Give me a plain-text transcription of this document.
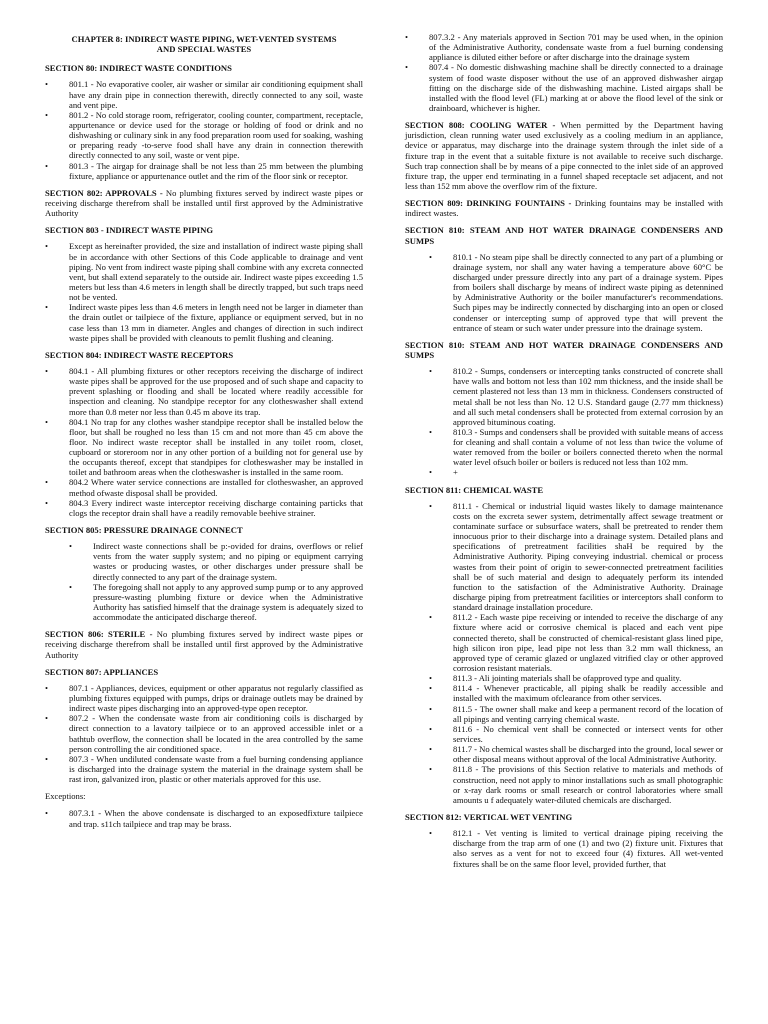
CHAPTER 8: INDIRECT WASTE PIPING, WET-VENTED SYSTEMS
AND SPECIAL WASTES
SECTION 80: INDIRECT WASTE CONDITIONS
• 801.1 - No evaporative cooler, air washer or similar air conditioning equipment shall have any drain pipe in connection therewith, directly connected to any soil, waste and vent pipe.
• 801.2 - No cold storage room, refrigerator, cooling counter, compartment, receptacle, appurtenance or device used for the storage or holding of food or drink and no dishwashing or culinary sink in any food preparation room used for soaking, washing or preparing ready -to-serve food shall have any drain in connection therewith directly connected to any soil, waste or vent pipe.
• 801.3 - The airgap for drainage shall be not less than 25 mm between the plumbing fixture, appliance or appurtenance outlet and the rim of the floor sink or receptor.

SECTION 802: APPROVALS - No plumbing fixtures served by indirect waste pipes or receiving discharge therefrom shall be installed until first approved by the Administrative Authority

SECTION 803 - INDIRECT WASTE PIPING
• Except as hereinafter provided, the size and installation of indirect waste piping shall be in accordance with other Sections of this Code applicable to drainage and vent piping. No vent from indirect waste piping shall combine with any excreta connected vent, but shall extend separately to the outside air. Indirect waste pipes exceeding 1.5 meters but less than 4.6 meters in length shall be directly trapped, but such traps need not be vented.
• Indirect waste pipes less than 4.6 meters in length need not be larger in diameter than the drain outlet or tailpiece of the fixture, appliance or equipment served, but in no case less than 13 mm in diameter. Angles and changes of direction in such indirect waste pipes shall be provided with cleanouts to pemlit flushing and cleaning.
SECTION 804: INDIRECT WASTE RECEPTORS
• 804.1 - All plumbing fixtures or other receptors receiving the discharge of indirect waste pipes shall be approved for the use proposed and of such shape and capacity to prevent splashing or flooding and shall be located where readily accessible for inspection and cleaning. No standpipe receptor for any clotheswasher shall extend more than 0.8 meter nor less than 0.45 m above its trap.
• 804.1 No trap for any clothes washer standpipe receptor shall be installed below the floor, but shall be roughed no less than 15 cm and not more than 45 cm above the floor. No indirect waste receptor shall be installed in any toilet room, closet, cupboard or storeroom nor in any other portion of a building not for general use by the occupants thereof, except that standpipes for clotheswasher may be installed in toilet and bathroom areas when the clotheswasher is installed in the same room.
• 804.2 Where water service connections are installed for clotheswasher, an approved method ofwaste disposal shall be provided.
• 804.3 Every indirect waste interceptor receiving discharge containing particks that clogs the receptor drain shall have a readily removable beehive strainer.
SECTION 805: PRESSURE DRAINAGE CONNECT
• Indirect waste connections shall be p:-ovided for drains, overflows or relief vents from the water supply system; and no piping or equipment carrying wastes or producing wastes, or other discharges under pressure shall be directly connected to any part of the drainage system.
• The foregoing shall not apply to any approved sump pump or to any approved pressure-wasting plumbing fixture or device when the Administrative Authority has satisfied himself that the drainage system is adequately sized to accommodate the anticipated discharge thereof.

SECTION 806: STERILE - No plumbing fixtures served by indirect waste pipes or receiving discharge therefrom shall be installed until first approved by the Administrative Authority

SECTION 807: APPLIANCES
• 807.1 - Appliances, devices, equipment or other apparatus not regularly classified as plumbing fixtures equipped with pumps, drips or drainage outlets may be drained by indirect waste pipes discharging into an approved-type open receptor.
• 807.2 - When the condensate waste from air conditioning coils is discharged by direct connection to a lavatory tailpiece or to an approved accessible inlet or a bathtub overflow, the connection shall be located in the area controlled by the same person controlling the air conditioned space.
• 807.3 - When undiluted condensate waste from a fuel burning condensing appliance is discharged into the drainage system the material in the drainage system shall be rast iron, galvanized iron, plastic or other materials approved for this use.
Exceptions:
• 807.3.1 - When the above condensate is discharged to an exposedfixture tailpiece and trap. s11ch tailpiece and trap may be brass.
• 807.3.2 - Any materials approved in Section 701 may be used when, in the opinion of the Administrative Authority, condensate waste from a fuel burning condensing appliance is diluted either before or after discharge into the drainage system
• 807.4 - No domestic dishwashing machine shall be directly connected to a drainage system of food waste disposer without the use of an approved dishwasher airgap fitting on the discharge side of the dishwashing machine. Listed airgaps shall be installed with the flood level (FL) marking at or above the flood level of the sink or drainboard, whichever is higher.

SECTION 808: COOLING WATER - When permitted by the Department having jurisdiction, clean running water used exclusively as a cooling medium in an appliance, device or apparatus, may discharge into the drainage system through the inlet side of a fixture trap in the event that a suitable fixture is not available to receive such discharge. Such trap connection shall be by means of a pipe connected to the inlet side of an approved fixture trap, the upper end terminating in a funnel shaped receptacle set adjacent, and not less than 152 mm above the overflow rim of the fixture.

SECTION 809: DRINKING FOUNTAINS - Drinking fountains may be installed with indirect wastes.

SECTION 810: STEAM AND HOT WATER DRAINAGE CONDENSERS AND SUMPS
• 810.1 - No steam pipe shall be directly connected to any part of a plumbing or drainage system, nor shall any water having a temperature above 60°C be discharged under pressure directly into any part of a drainage system. Pipes from boilers shall discharge by means of indirect waste piping as detennined by Administrative Authority or the boiler manufacturer's recommendations. Such pipes may be indirectly connected by discharging into an open or closed condenser or intercepting sump of approved type that will prevent the entrance of steam or such water under pressure into the drainage system.
SECTION 810: STEAM AND HOT WATER DRAINAGE CONDENSERS AND SUMPS
• 810.2 - Sumps, condensers or intercepting tanks constructed of concrete shall have walls and bottom not less than 102 mm thickness, and the inside shall be cement plastered not less than 13 mm in thickness. Condensers constructed of metal shall be not less than No. 12 U.S. Standard gauge (2.77 mm thickness) and all such metal condensers shall be protected from external corrosion by an approved bituminous coating.
• 810.3 - Sumps and condensers shall be provided with suitable means of access for cleaning and shall contain a volume of not less than twice the volume of water removed from the boiler or boilers connected thereto when the normal water level ofsuch boiler or boilers is reduced not less than 102 mm.
• +
SECTION 811: CHEMICAL WASTE
• 811.1 - Chemical or industrial liquid wastes likely to damage maintenance costs on the excreta sewer system, detrimentally affect sewage treatment or contaminate surface or subsurface waters, shall be pretreated to render them innocuous prior to their discharge into a drainage system. Detailed plans and specifications of pretreatment facilities shaH be required by the Administrative Authority. Piping conveying industrial. chemical or process wastes from their point of origin to sewer-connected pretreatment facilities shall be of such material and design to adequately perform its intended function to the satisfaction of the Administrative Authority. Drainage discharge piping from pretreatment facilities or interceptors shall conform to standard drainage installation procedure.
• 811.2 - Each waste pipe receiving or intended to receive the discharge of any fixture where acid or corrosive chemical is placed and each vent pipe connected thereto, shall be constructed of chemical-resistant glass lined pipe, high silicon iron pipe, lead pipe not less than 3.2 mm wall thickness, an approved type of ceramic glazed or unglazed vitrified clay or other approved corrosion resistant materials.
• 811.3 - Ali jointing materials shall be ofapproved type and quality.
• 811.4 - Whenever practicable, all piping shalk be readily accessible and installed with the maximum ofclearance from other services.
• 811.5 - The owner shall make and keep a permanent record of the location of all pipings and venting carrying chemical waste.
• 811.6 - No chemical vent shall be connected or intersect vents for other services.
• 811.7 - No chemical wastes shall be discharged into the ground, local sewer or other disposal means without approval of the local Administrative Authority.
• 811.8 - The provisions of this Section relative to materials and methods of construction, need not apply to minor installations such as small photographic or x-ray dark rooms or small research or control laboratories where small amounts u f adequately water-diluted chemicals are discharged.
SECTION 812: VERTICAL WET VENTING
• 812.1 - Vet venting is limited to vertical drainage piping receiving the discharge from the trap arm of one (1) and two (2) fixture unit. Fixtures that also serves as a vent for not to exceed four (4) fixtures. All wet-vented fixtures shall be on the same floor level, provided further, that
